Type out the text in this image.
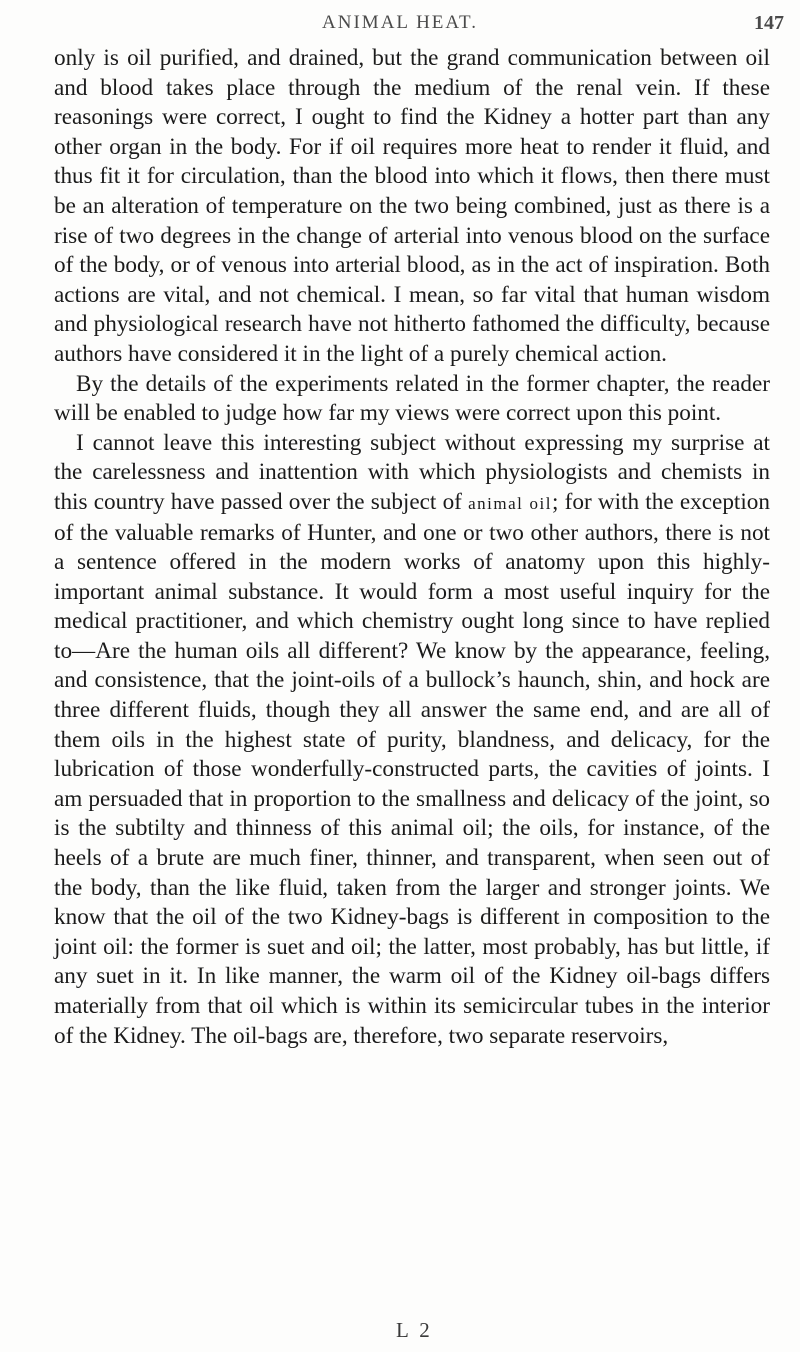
ANIMAL HEAT.	147

only is oil purified, and drained, but the grand communication between oil and blood takes place through the medium of the renal vein. If these reasonings were correct, I ought to find the Kidney a hotter part than any other organ in the body. For if oil requires more heat to render it fluid, and thus fit it for circulation, than the blood into which it flows, then there must be an alteration of temperature on the two being combined, just as there is a rise of two degrees in the change of arterial into venous blood on the surface of the body, or of venous into arterial blood, as in the act of inspiration. Both actions are vital, and not chemical. I mean, so far vital that human wisdom and physiological research have not hitherto fathomed the difficulty, because authors have considered it in the light of a purely chemical action.

By the details of the experiments related in the former chapter, the reader will be enabled to judge how far my views were correct upon this point.

I cannot leave this interesting subject without expressing my surprise at the carelessness and inattention with which physiologists and chemists in this country have passed over the subject of animal oil; for with the exception of the valuable remarks of Hunter, and one or two other authors, there is not a sentence offered in the modern works of anatomy upon this highly-important animal substance. It would form a most useful inquiry for the medical practitioner, and which chemistry ought long since to have replied to—Are the human oils all different? We know by the appearance, feeling, and consistence, that the joint-oils of a bullock’s haunch, shin, and hock are three different fluids, though they all answer the same end, and are all of them oils in the highest state of purity, blandness, and delicacy, for the lubrication of those wonderfully-constructed parts, the cavities of joints. I am persuaded that in proportion to the smallness and delicacy of the joint, so is the subtilty and thinness of this animal oil; the oils, for instance, of the heels of a brute are much finer, thinner, and transparent, when seen out of the body, than the like fluid, taken from the larger and stronger joints. We know that the oil of the two Kidney-bags is different in composition to the joint oil: the former is suet and oil; the latter, most probably, has but little, if any suet in it. In like manner, the warm oil of the Kidney oil-bags differs materially from that oil which is within its semicircular tubes in the interior of the Kidney. The oil-bags are, therefore, two separate reservoirs,

L 2
